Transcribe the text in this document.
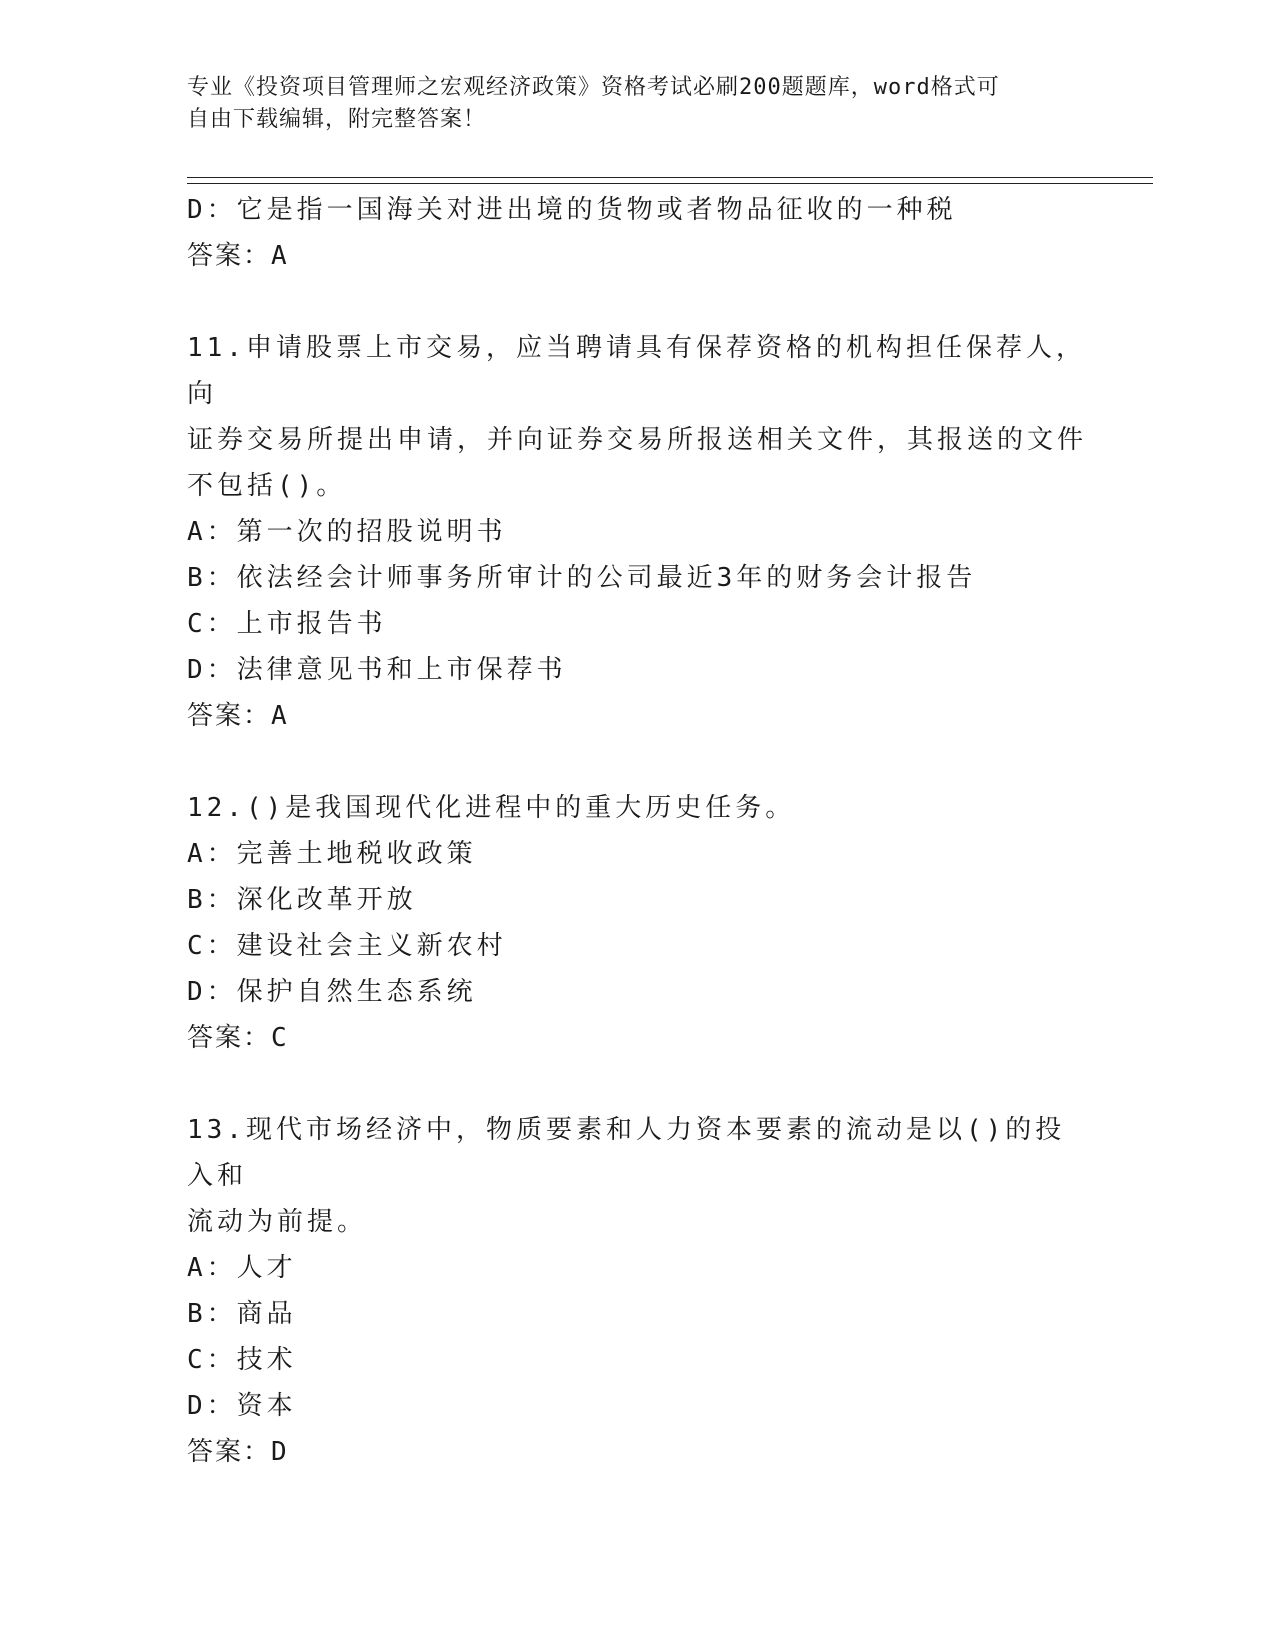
专业《投资项目管理师之宏观经济政策》资格考试必刷200题题库，word格式可
自由下载编辑，附完整答案！
D：它是指一国海关对进出境的货物或者物品征收的一种税
答案：A
11.申请股票上市交易，应当聘请具有保荐资格的机构担任保荐人，向
证券交易所提出申请，并向证券交易所报送相关文件，其报送的文件
不包括()。
A：第一次的招股说明书
B：依法经会计师事务所审计的公司最近3年的财务会计报告
C：上市报告书
D：法律意见书和上市保荐书
答案：A
12.()是我国现代化进程中的重大历史任务。
A：完善土地税收政策
B：深化改革开放
C：建设社会主义新农村
D：保护自然生态系统
答案：C
13.现代市场经济中，物质要素和人力资本要素的流动是以()的投入和
流动为前提。
A：人才
B：商品
C：技术
D：资本
答案：D
